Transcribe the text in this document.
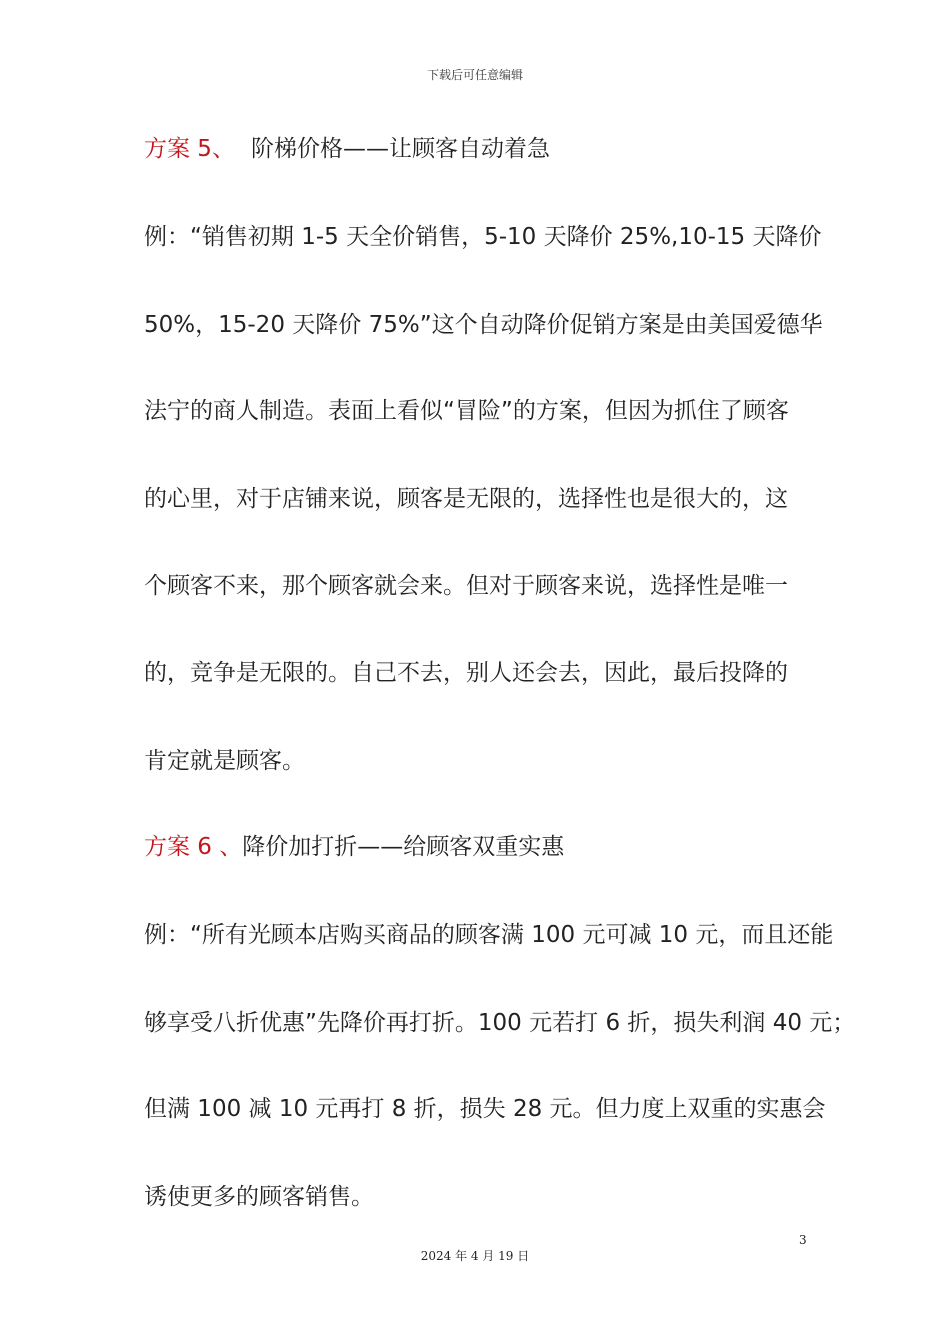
下载后可任意编辑
方案 5、 阶梯价格——让顾客自动着急
例：“销售初期 1-5 天全价销售，5-10 天降价 25%,10-15 天降价
50%，15-20 天降价 75%”这个自动降价促销方案是由美国爱德华
法宁的商人制造。表面上看似“冒险”的方案，但因为抓住了顾客
的心里，对于店铺来说，顾客是无限的，选择性也是很大的，这
个顾客不来，那个顾客就会来。但对于顾客来说，选择性是唯一
的，竞争是无限的。自己不去，别人还会去，因此，最后投降的
肯定就是顾客。
方案 6 、降价加打折——给顾客双重实惠
例：“所有光顾本店购买商品的顾客满 100 元可减 10 元，而且还能
够享受八折优惠”先降价再打折。100 元若打 6 折，损失利润 40 元；
但满 100 减 10 元再打 8 折，损失 28 元。但力度上双重的实惠会
诱使更多的顾客销售。
3
2024 年 4 月 19 日
